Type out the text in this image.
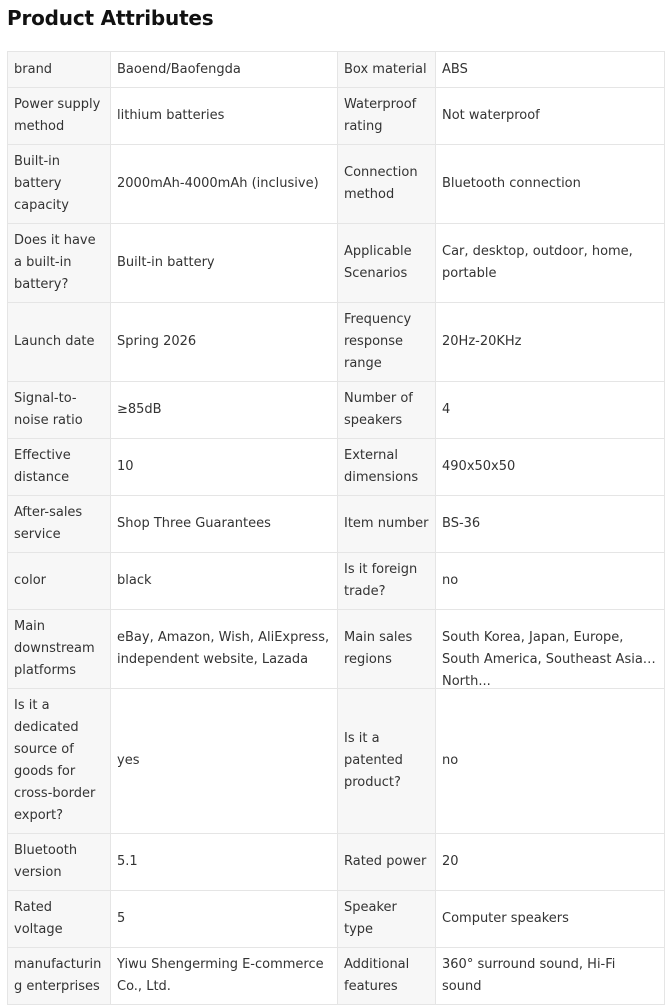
Product Attributes
brand	Baoend/Baofengda	Box material	ABS
Power supply method	lithium batteries	Waterproof rating	Not waterproof
Built-in battery capacity	2000mAh-4000mAh (inclusive)	Connection method	Bluetooth connection
Does it have a built-in battery?	Built-in battery	Applicable Scenarios	Car, desktop, outdoor, home, portable
Launch date	Spring 2026	Frequency response range	20Hz-20KHz
Signal-to-noise ratio	≥85dB	Number of speakers	4
Effective distance	10	External dimensions	490x50x50
After-sales service	Shop Three Guarantees	Item number	BS-36
color	black	Is it foreign trade?	no
Main downstream platforms	eBay, Amazon, Wish, AliExpress, independent website, Lazada	Main sales regions	South Korea, Japan, Europe, South America, Southeast Asia, North...

Is it a dedicated source of goods for cross-border export?	yes	Is it a patented product?	no
Bluetooth version	5.1	Rated power	20
Rated voltage	5	Speaker type	Computer speakers
manufacturing enterprises	Yiwu Shengerming E-commerce Co., Ltd.	Additional features	360° surround sound, Hi-Fi sound
